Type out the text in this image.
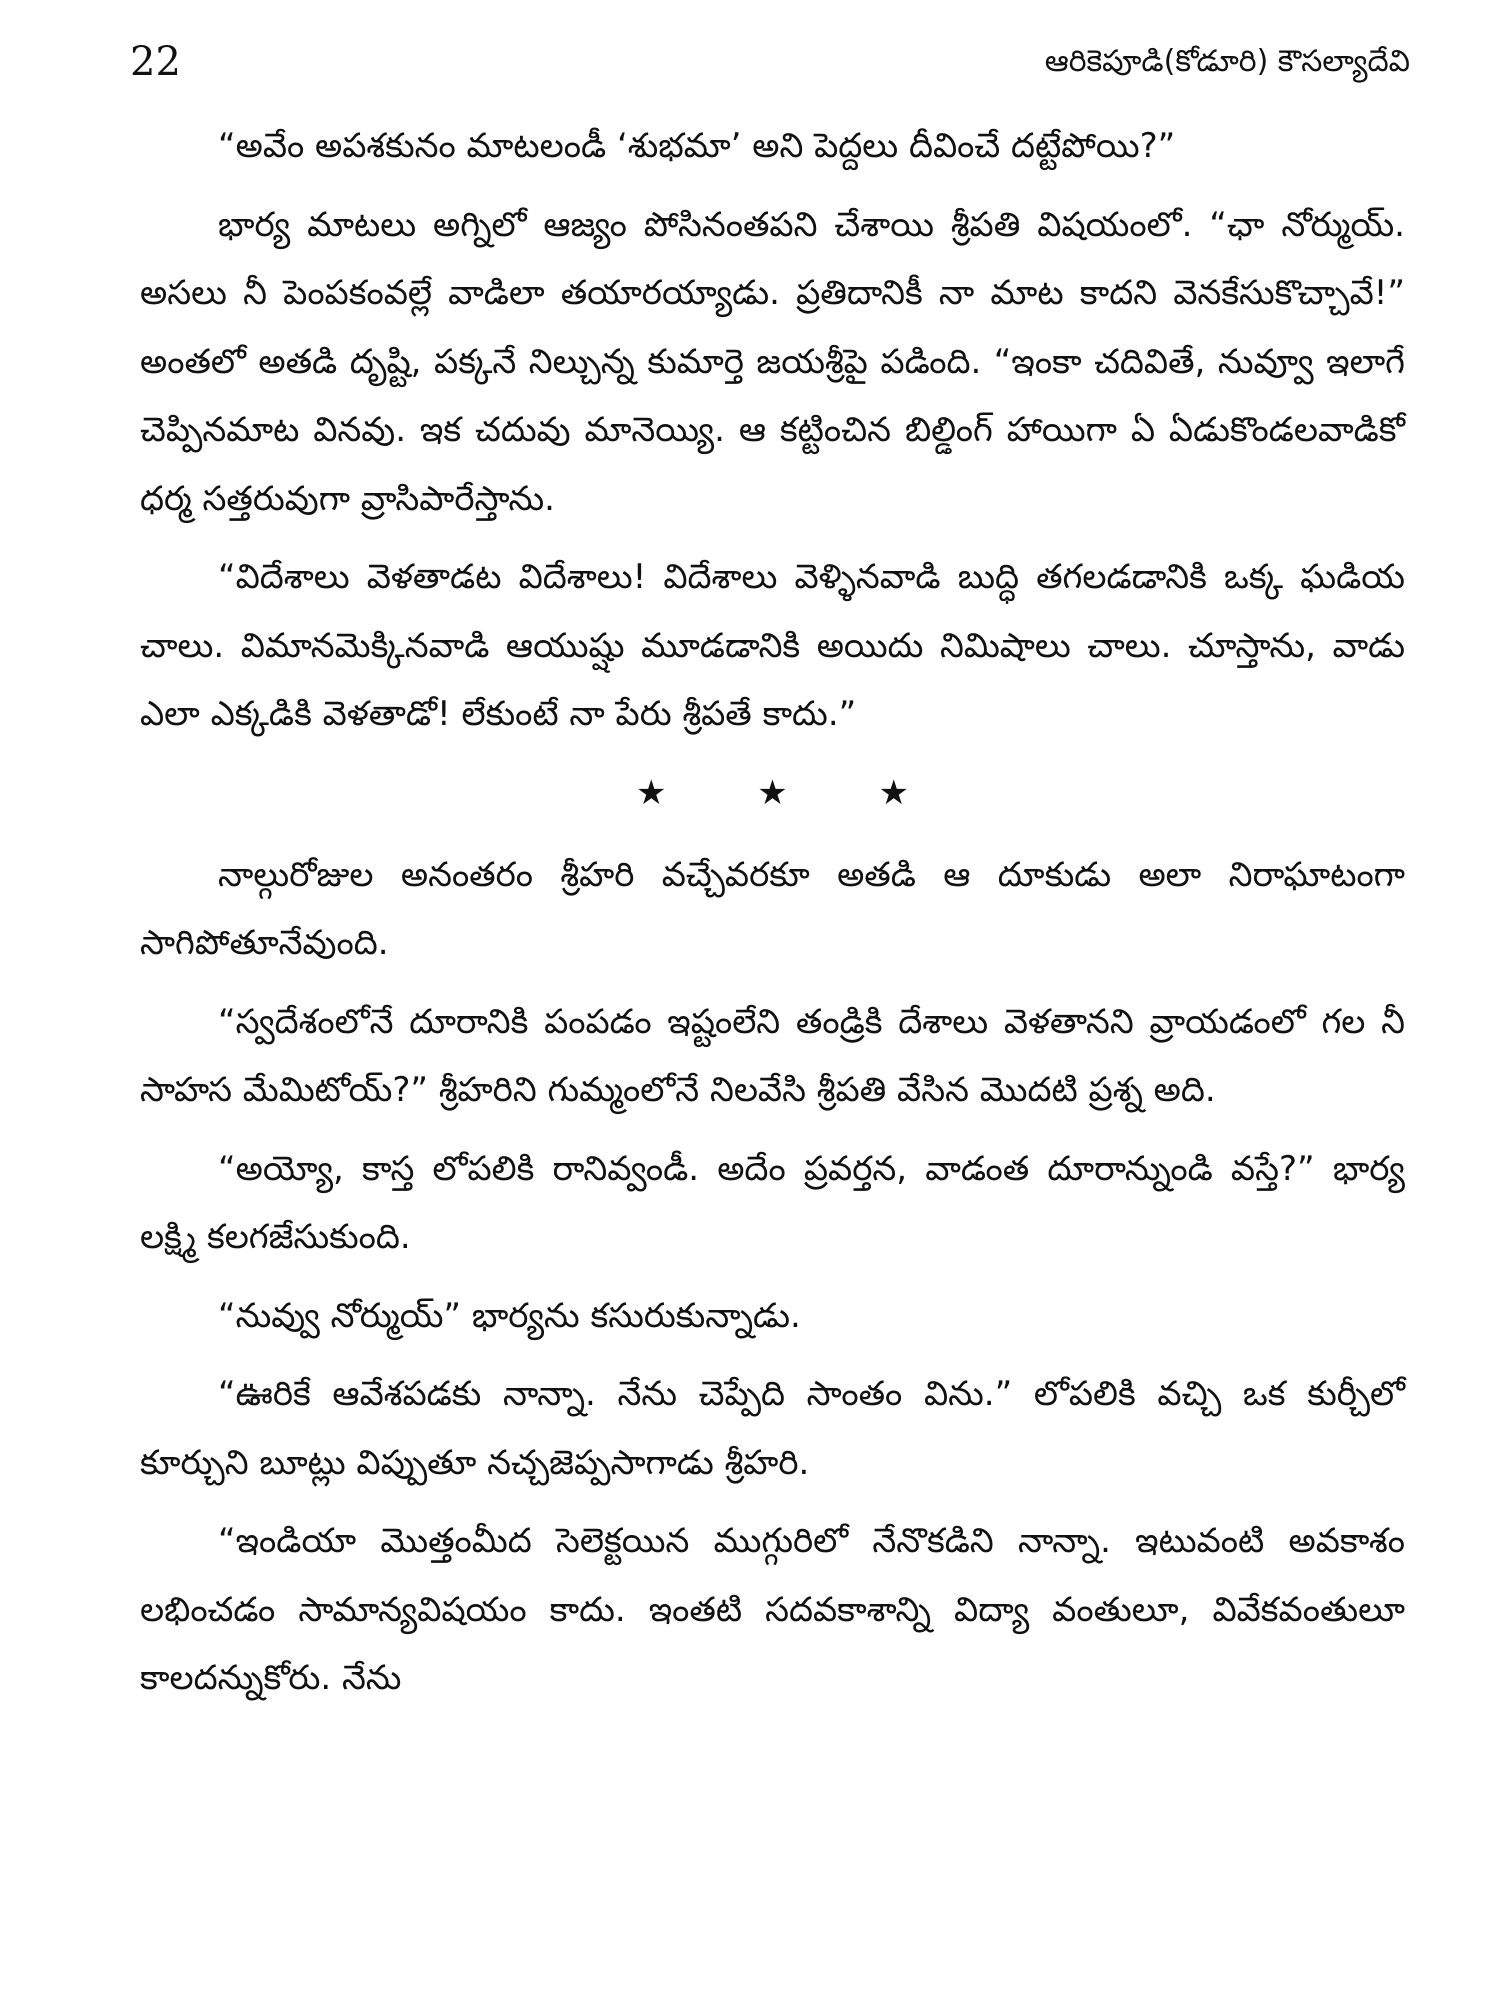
22	ఆరికెపూడి(కోడూరి) కౌసల్యాదేవి

“అవేం అపశకునం మాటలండీ ‘శుభమా’ అని పెద్దలు దీవించే దట్టేపోయి?”

భార్య మాటలు అగ్నిలో ఆజ్యం పోసినంతపని చేశాయి శ్రీపతి విషయంలో. “ఛా నోర్ముయ్. అసలు నీ పెంపకంవల్లే వాడిలా తయారయ్యాడు. ప్రతిదానికీ నా మాట కాదని వెనకేసుకొచ్చావే!” అంతలో అతడి దృష్టి, పక్కనే నిల్చున్న కుమార్తె జయశ్రీపై పడింది. “ఇంకా చదివితే, నువ్వూ ఇలాగే చెప్పినమాట వినవు. ఇక చదువు మానెయ్యి. ఆ కట్టించిన బిల్డింగ్ హాయిగా ఏ ఏడుకొండలవాడికో ధర్మ సత్తరువుగా వ్రాసిపారేస్తాను.

“విదేశాలు వెళతాడట విదేశాలు! విదేశాలు వెళ్ళినవాడి బుద్ధి తగలడడానికి ఒక్క ఘడియ చాలు. విమానమెక్కినవాడి ఆయుష్షు మూడడానికి అయిదు నిమిషాలు చాలు. చూస్తాను, వాడు ఎలా ఎక్కడికి వెళతాడో! లేకుంటే నా పేరు శ్రీపతే కాదు.”

★ ★ ★

నాల్గురోజుల అనంతరం శ్రీహరి వచ్చేవరకూ అతడి ఆ దూకుడు అలా నిరాఘాటంగా సాగిపోతూనేవుంది.

“స్వదేశంలోనే దూరానికి పంపడం ఇష్టంలేని తండ్రికి దేశాలు వెళతానని వ్రాయడంలో గల నీ సాహస మేమిటోయ్?” శ్రీహరిని గుమ్మంలోనే నిలవేసి శ్రీపతి వేసిన మొదటి ప్రశ్న అది.

“అయ్యో, కాస్త లోపలికి రానివ్వండీ. అదేం ప్రవర్తన, వాడంత దూరాన్నుండి వస్తే?” భార్య లక్ష్మి కలగజేసుకుంది.

“నువ్వు నోర్ముయ్” భార్యను కసురుకున్నాడు.

“ఊరికే ఆవేశపడకు నాన్నా. నేను చెప్పేది సాంతం విను.” లోపలికి వచ్చి ఒక కుర్చీలో కూర్చుని బూట్లు విప్పుతూ నచ్చజెప్పసాగాడు శ్రీహరి.

“ఇండియా మొత్తంమీద సెలెక్టయిన ముగ్గురిలో నేనొకడిని నాన్నా. ఇటువంటి అవకాశం లభించడం సామాన్యవిషయం కాదు. ఇంతటి సదవకాశాన్ని విద్యా వంతులూ, వివేకవంతులూ కాలదన్నుకోరు. నేను
